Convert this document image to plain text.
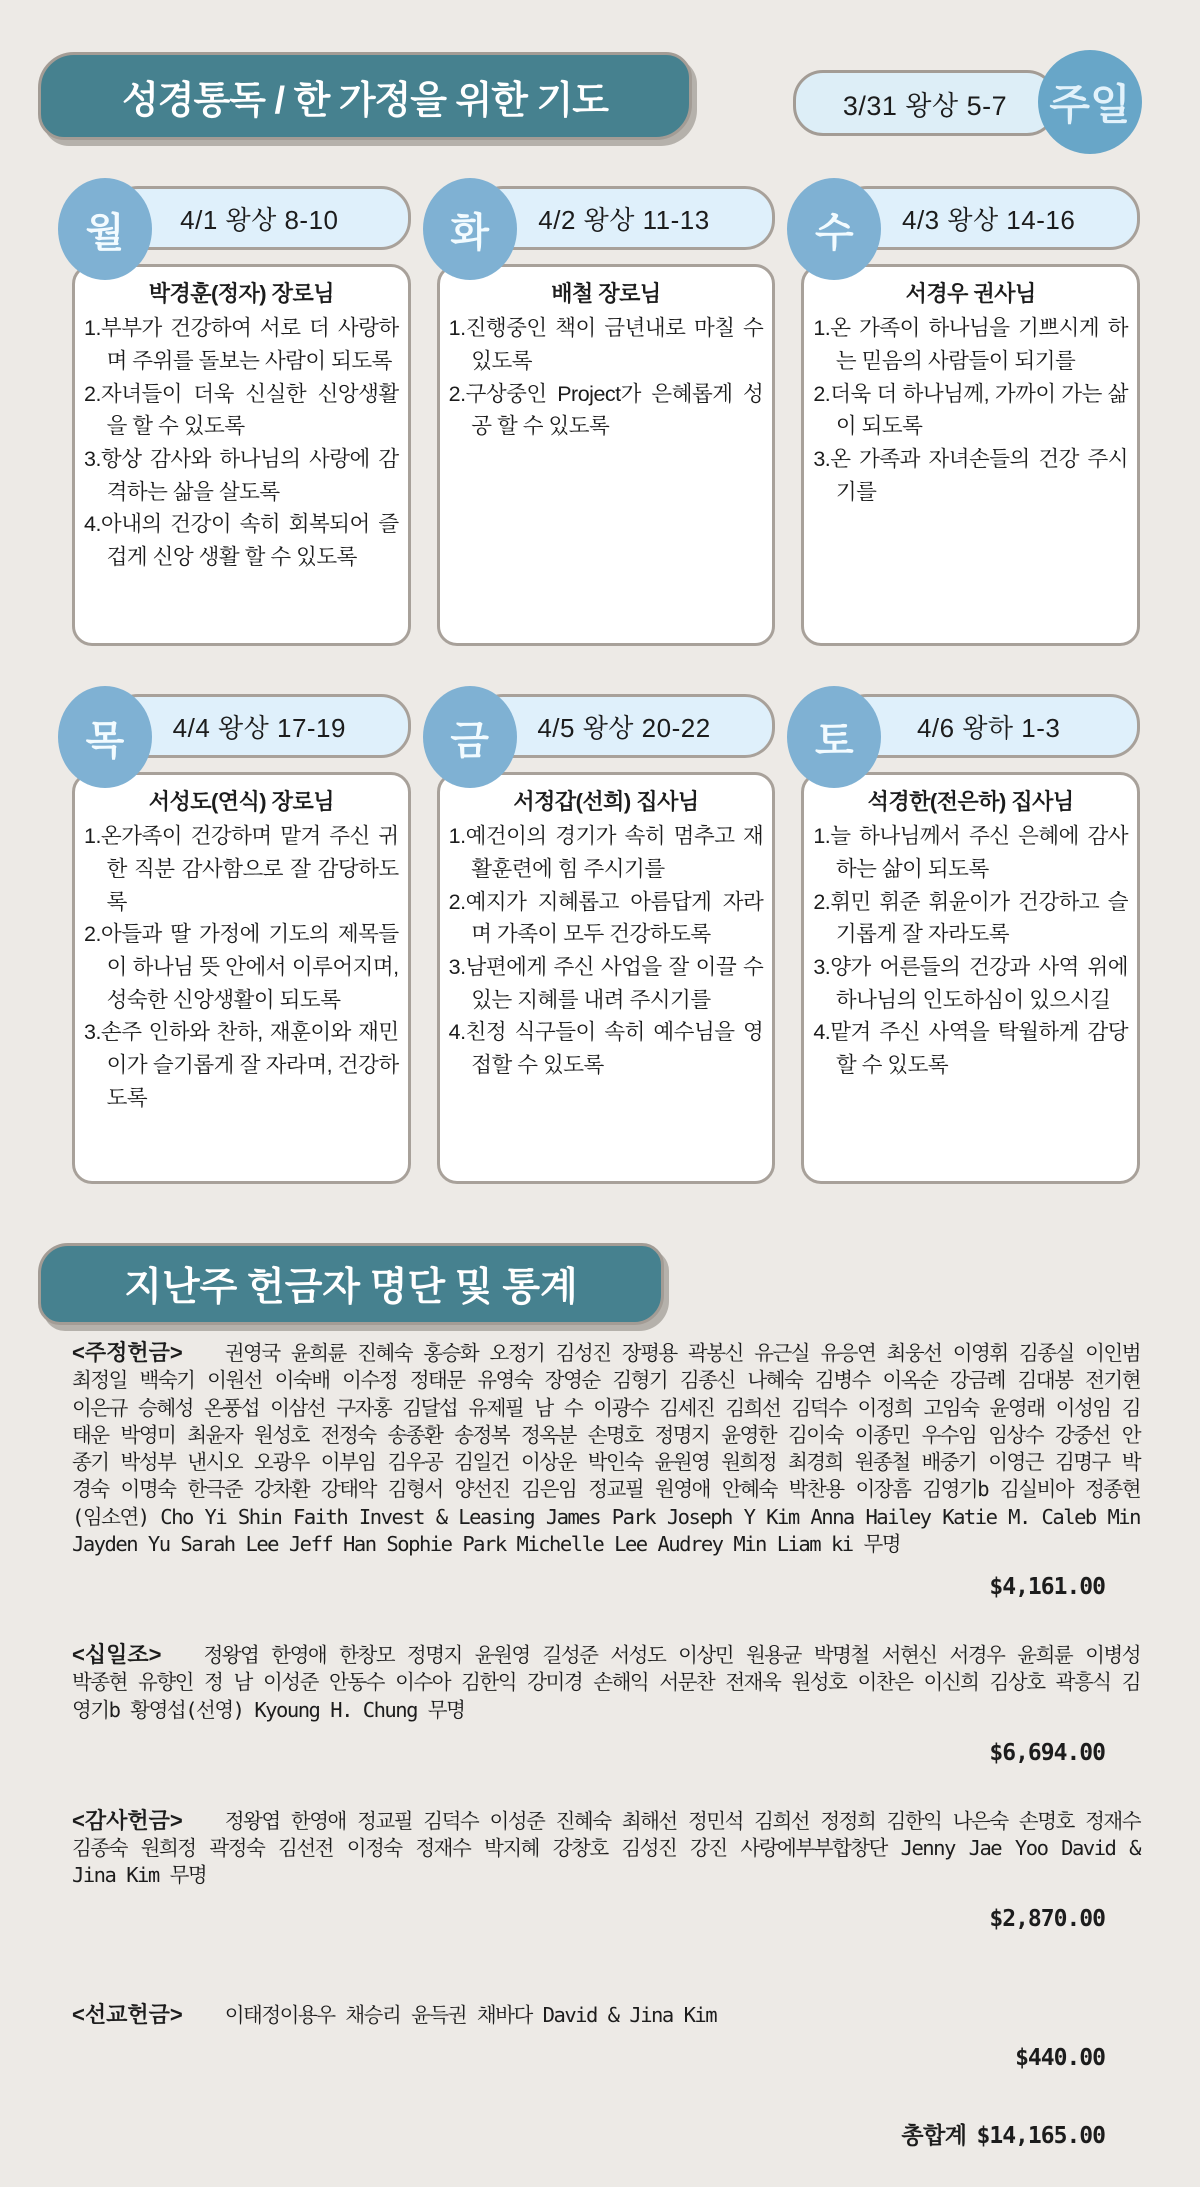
성경통독 / 한 가정을 위한 기도	3/31 왕상 5-7	주일
월	4/1 왕상 8-10
박경훈(정자) 장로님
1.부부가 건강하여 서로 더 사랑하며 주위를 돌보는 사람이 되도록
2.자녀들이 더욱 신실한 신앙생활을 할 수 있도록
3.항상 감사와 하나님의 사랑에 감격하는 삶을 살도록
4.아내의 건강이 속히 회복되어 즐겁게 신앙 생활 할 수 있도록
화	4/2 왕상 11-13
배철 장로님
1.진행중인 책이 금년내로 마칠 수 있도록
2.구상중인 Project가 은혜롭게 성공 할 수 있도록
수	4/3 왕상 14-16
서경우 권사님
1.온 가족이 하나님을 기쁘시게 하는 믿음의 사람들이 되기를
2.더욱 더 하나님께, 가까이 가는 삶이 되도록
3.온 가족과 자녀손들의 건강 주시기를
목	4/4 왕상 17-19
서성도(연식) 장로님
1.온가족이 건강하며 맡겨 주신 귀한 직분 감사함으로 잘 감당하도록
2.아들과 딸 가정에 기도의 제목들이 하나님 뜻 안에서 이루어지며, 성숙한 신앙생활이 되도록
3.손주 인하와 찬하, 재훈이와 재민이가 슬기롭게 잘 자라며, 건강하도록
금	4/5 왕상 20-22
서정갑(선희) 집사님
1.예건이의 경기가 속히 멈추고 재활훈련에 힘 주시기를
2.예지가 지혜롭고 아름답게 자라며 가족이 모두 건강하도록
3.남편에게 주신 사업을 잘 이끌 수 있는 지혜를 내려 주시기를
4.친정 식구들이 속히 예수님을 영접할 수 있도록
토	4/6 왕하 1-3
석경한(전은하) 집사님
1.늘 하나님께서 주신 은혜에 감사하는 삶이 되도록
2.휘민 휘준 휘윤이가 건강하고 슬기롭게 잘 자라도록
3.양가 어른들의 건강과 사역 위에 하나님의 인도하심이 있으시길
4.맡겨 주신 사역을 탁월하게 감당할 수 있도록
지난주 헌금자 명단 및 통계

<주정헌금> 권영국 윤희륜 진혜숙 홍승화 오정기 김성진 장평용 곽봉신 유근실 유응연 최웅선 이영휘 김종실 이인범 최정일 백숙기 이원선 이숙배 이수정 정태문 유영숙 장영순 김형기 김종신 나혜숙 김병수 이옥순 강금례 김대봉 전기현 이은규 승혜성 온풍섭 이삼선 구자홍 김달섭 유제필 남 수 이광수 김세진 김희선 김덕수 이정희 고임숙 윤영래 이성임 김태운 박영미 최윤자 원성호 전정숙 송종환 송정복 정옥분 손명호 정명지 윤영한 김이숙 이종민 우수임 임상수 강중선 안종기 박성부 낸시오 오광우 이부임 김우공 김일건 이상운 박인숙 윤원영 원희정 최경희 원종철 배중기 이영근 김명구 박경숙 이명숙 한극준 강차환 강태악 김형서 양선진 김은임 정교필 원영애 안혜숙 박찬용 이장흠 김영기b 김실비아 정종현(임소연) Cho Yi Shin Faith Invest & Leasing James Park Joseph Y Kim Anna Hailey Katie M. Caleb Min Jayden Yu Sarah Lee Jeff Han Sophie Park Michelle Lee Audrey Min Liam ki 무명

$4,161.00

<십일조> 정왕엽 한영애 한창모 정명지 윤원영 길성준 서성도 이상민 원용균 박명철 서현신 서경우 윤희륜 이병성 박종현 유향인 정 남 이성준 안동수 이수아 김한익 강미경 손해익 서문찬 전재욱 원성호 이찬은 이신희 김상호 곽흥식 김영기b 황영섭(선영) Kyoung H. Chung 무명

$6,694.00

<감사헌금> 정왕엽 한영애 정교필 김덕수 이성준 진혜숙 최해선 정민석 김희선 정정희 김한익 나은숙 손명호 정재수 김종숙 원희정 곽정숙 김선전 이정숙 정재수 박지혜 강창호 김성진 강진 사랑에부부합창단 Jenny Jae Yoo David & Jina Kim 무명

$2,870.00

<선교헌금> 이태정이용우 채승리 윤득권 채바다 David & Jina Kim

$440.00
총합계 $14,165.00
